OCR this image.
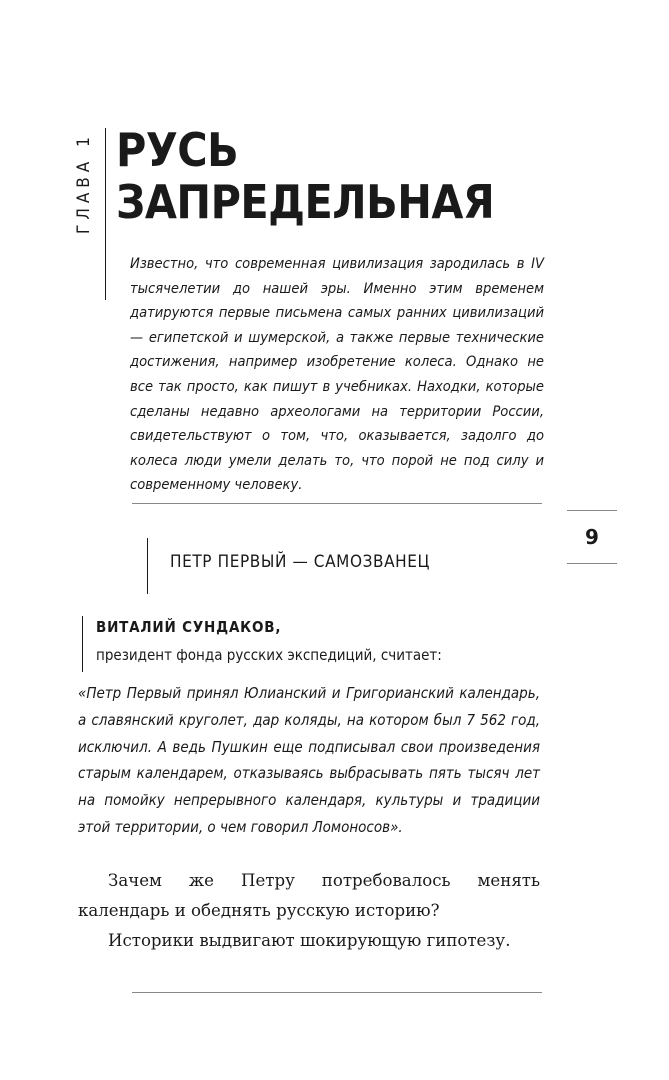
ГЛАВА 1 РУСЬ
ЗАПРЕДЕЛЬНАЯ

Известно, что современная цивилизация зародилась в IV тысячелетии до нашей эры. Именно этим временем датируются первые письмена самых ранних цивилизаций — египетской и шумерской, а также первые технические достижения, например изобретение колеса. Однако не все так просто, как пишут в учебниках. Находки, которые сделаны недавно археологами на территории России, свидетельствуют о том, что, оказывается, задолго до колеса люди умели делать то, что порой не под силу и современному человеку.

9
ПЕТР ПЕРВЫЙ — САМОЗВАНЕЦ
ВИТАЛИЙ СУНДАКОВ,
президент фонда русских экспедиций, считает:

«Петр Первый принял Юлианский и Григорианский календарь, а славянский круголет, дар коляды, на котором был 7 562 год, исключил. А ведь Пушкин еще подписывал свои произведения старым календарем, отказываясь выбрасывать пять тысяч лет на помойку непрерывного календаря, культуры и традиции этой территории, о чем говорил Ломоносов».

Зачем же Петру потребовалось менять календарь и обеднять русскую историю?

Историки выдвигают шокирующую гипотезу.
